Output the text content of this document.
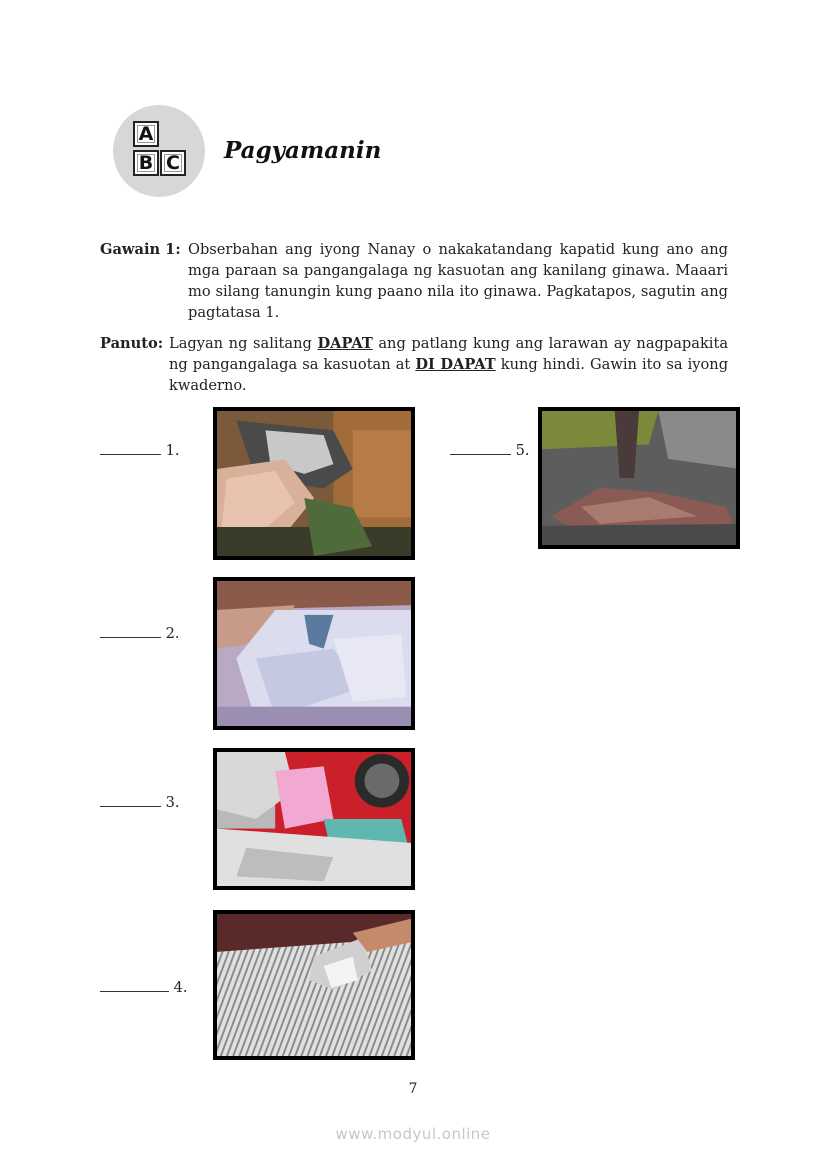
A
B C Pagyamanin
Gawain 1: Obserbahan ang iyong Nanay o nakakatandang kapatid kung ano ang mga paraan sa pangangalaga ng kasuotan ang kanilang ginawa. Maaari mo silang tanungin kung paano nila ito ginawa. Pagkatapos, sagutin ang pagtatasa 1.
Panuto: Lagyan ng salitang DAPAT ang patlang kung ang larawan ay nagpapakita ng pangangalaga sa kasuotan at DI DAPAT kung hindi. Gawin ito sa iyong kwaderno.
1.
2.
3.
4.
5.
7
www.modyul.online
